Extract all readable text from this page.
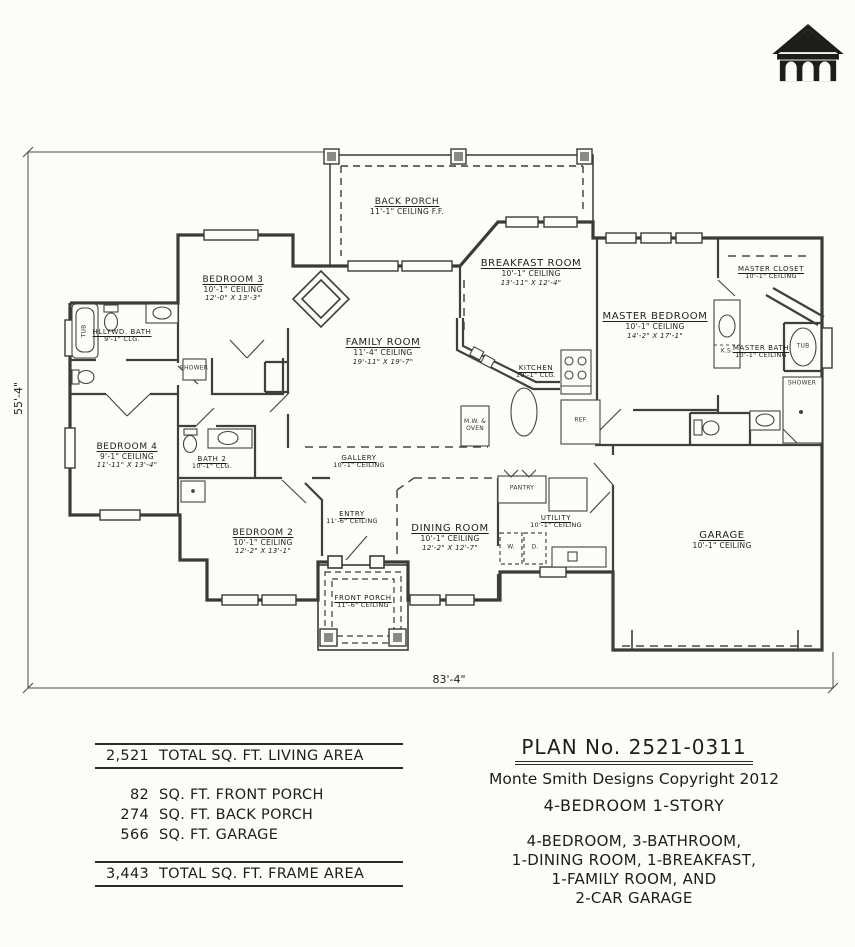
BACK PORCH
11'-1" CEILING F.F.
BREAKFAST ROOM
10'-1" CEILING
13'-11" X 12'-4"
MASTER CLOSET
10'-1" CEILING
MASTER BEDROOM
10'-1" CEILING
14'-2" X 17'-1"
MASTER BATH
10'-1" CEILING
BEDROOM 3
10'-1" CEILING
12'-0" X 13'-3"
HLLYWD. BATH
9'-1" CLG.	FAMILY ROOM
11'-4" CEILING
19'-11" X 19'-7"
KITCHEN
10'-1" CLG.
BEDROOM 4
9'-1" CEILING
11'-11" X 13'-4"
BATH 2
10'-1" CLG.
GALLERY
10'-1" CEILING
ENTRY
11'-6" CEILING
BEDROOM 2
10'-1" CEILING
12'-2" X 13'-1"
DINING ROOM
10'-1" CEILING
12'-2" X 12'-7"
UTILITY
10'-1" CEILING
FRONT PORCH
11'-6" CEILING
GARAGE
10'-1" CEILING
TUB
SHOWER
TUB
SHOWER
PANTRY
W.	D.
REF.
M.W. & OVEN
K.S.
55'-4"
83'-4"
2,521 TOTAL SQ. FT. LIVING AREA
82 SQ. FT. FRONT PORCH
274 SQ. FT. BACK PORCH
566 SQ. FT. GARAGE
3,443 TOTAL SQ. FT. FRAME AREA
PLAN No. 2521-0311
Monte Smith Designs Copyright 2012
4-BEDROOM 1-STORY
4-BEDROOM, 3-BATHROOM,
1-DINING ROOM, 1-BREAKFAST,
1-FAMILY ROOM, AND
2-CAR GARAGE
